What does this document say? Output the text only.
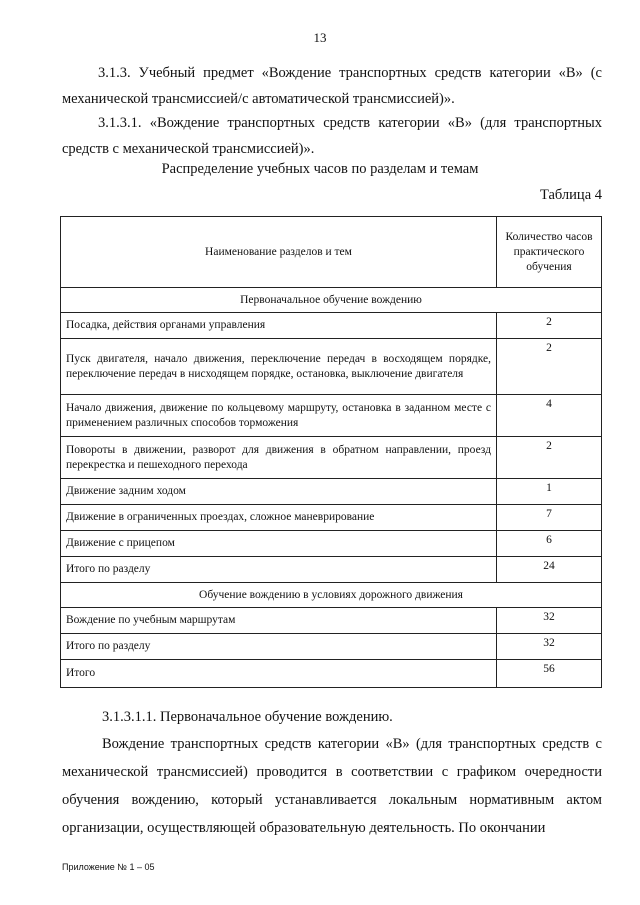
13
3.1.3. Учебный предмет «Вождение транспортных средств категории «В» (с механической трансмиссией/с автоматической трансмиссией)».
3.1.3.1. «Вождение транспортных средств категории «В» (для транспортных средств с механической трансмиссией)».
Распределение учебных часов по разделам и темам
Таблица 4
Наименование разделов и тем	Количество часов практического обучения
Первоначальное обучение вождению	
Посадка, действия органами управления	2
Пуск двигателя, начало движения, переключение передач в восходящем порядке, переключение передач в нисходящем порядке, остановка, выключение двигателя	2
Начало движения, движение по кольцевому маршруту, остановка в заданном месте с применением различных способов торможения	4
Повороты в движении, разворот для движения в обратном направлении, проезд перекрестка и пешеходного перехода	2
Движение задним ходом	1
Движение в ограниченных проездах, сложное маневрирование	7
Движение с прицепом	6
Итого по разделу	24
Обучение вождению в условиях дорожного движения	
Вождение по учебным маршрутам	32
Итого по разделу	32
Итого	56
3.1.3.1.1. Первоначальное обучение вождению.
Вождение транспортных средств категории «В» (для транспортных средств с механической трансмиссией) проводится в соответствии с графиком очередности обучения вождению, который устанавливается локальным нормативным актом организации, осуществляющей образовательную деятельность. По окончании
Приложение № 1 – 05
